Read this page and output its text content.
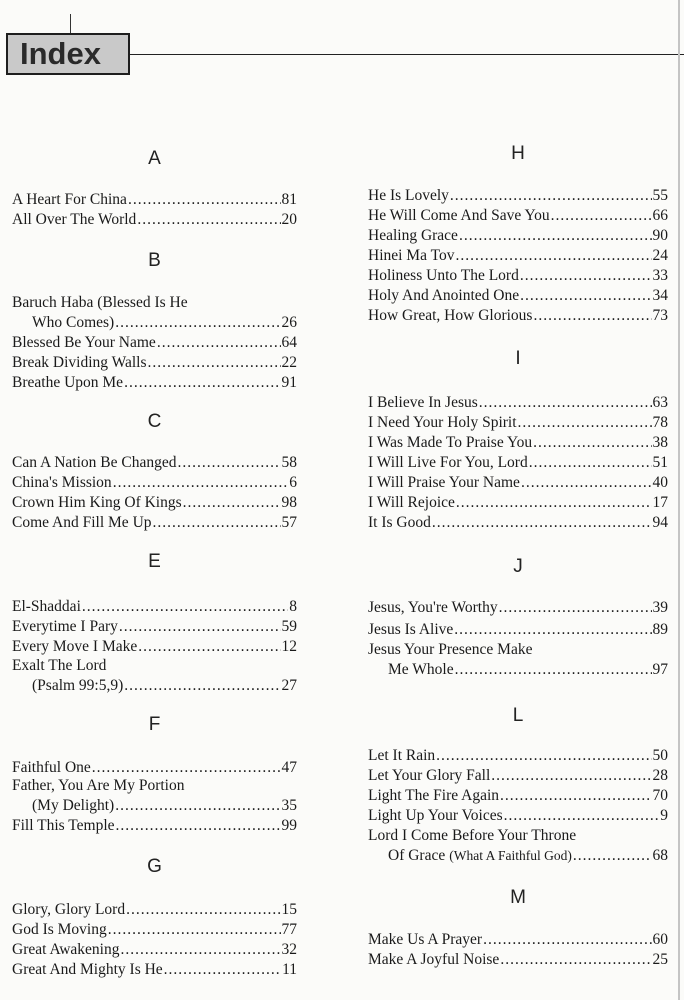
Index
A
A Heart For China .....	81
All Over The World .....	20
B
Baruch Haba (Blessed Is He
Who Comes) .....	26
Blessed Be Your Name .....	64
Break Dividing Walls .....	22
Breathe Upon Me .....	91
C
Can A Nation Be Changed .....	58
China's Mission .....	6
Crown Him King Of Kings .....	98
Come And Fill Me Up .....	57
E
El-Shaddai .....	8
Everytime I Pary .....	59
Every Move I Make .....	12
Exalt The Lord
(Psalm 99:5,9) .....	27
F
Faithful One .....	47
Father, You Are My Portion
(My Delight) .....	35
Fill This Temple .....	99
G
Glory, Glory Lord .....	15
God Is Moving .....	77
Great Awakening .....	32
Great And Mighty Is He .....	11
H
He Is Lovely .....	55
He Will Come And Save You .....	66
Healing Grace .....	90
Hinei Ma Tov .....	24
Holiness Unto The Lord .....	33
Holy And Anointed One .....	34
How Great, How Glorious .....	73
I
I Believe In Jesus .....	63
I Need Your Holy Spirit .....	78
I Was Made To Praise You .....	38
I Will Live For You, Lord .....	51
I Will Praise Your Name .....	40
I Will Rejoice .....	17
It Is Good .....	94
J
Jesus, You're Worthy .....	39
Jesus Is Alive .....	89
Jesus Your Presence Make
Me Whole .....	97
L
Let It Rain .....	50
Let Your Glory Fall .....	28
Light The Fire Again .....	70
Light Up Your Voices .....	9
Lord I Come Before Your Throne
Of Grace (What A Faithful God) .....	68
M
Make Us A Prayer .....	60
Make A Joyful Noise .....	25
